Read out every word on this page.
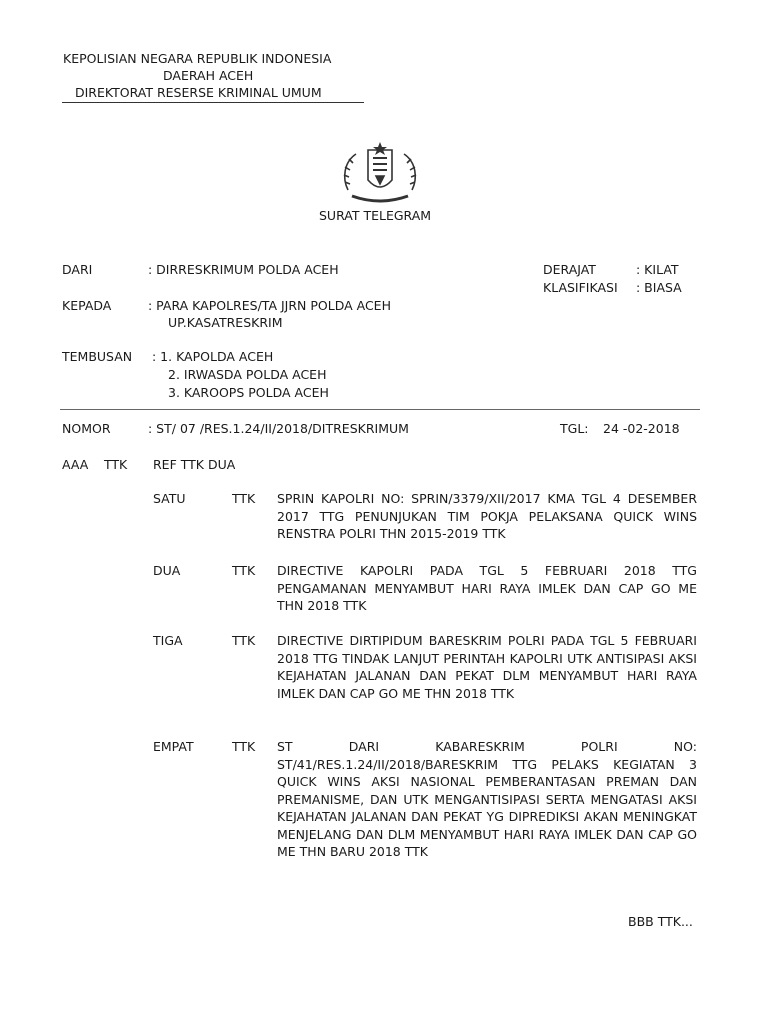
KEPOLISIAN NEGARA REPUBLIK INDONESIA
DAERAH ACEH
DIREKTORAT RESERSE KRIMINAL UMUM
SURAT TELEGRAM
DARI	: DIRRESKRIMUM POLDA ACEH	DERAJAT	: KILAT
KLASIFIKASI : BIASA
KEPADA	: PARA KAPOLRES/TA JJRN POLDA ACEH
UP.KASATRESKRIM
TEMBUSAN : 1. KAPOLDA ACEH
2. IRWASDA POLDA ACEH
3. KAROOPS POLDA ACEH
NOMOR	: ST/ 07 /RES.1.24/II/2018/DITRESKRIMUM	TGL: 24 -02-2018
AAA TTK REF TTK DUA
SATU	TTK SPRIN KAPOLRI NO: SPRIN/3379/XII/2017 KMA TGL 4 DESEMBER 2017 TTG PENUNJUKAN TIM POKJA PELAKSANA QUICK WINS RENSTRA POLRI THN 2015-2019 TTK
DUA	TTK DIRECTIVE KAPOLRI PADA TGL 5 FEBRUARI 2018 TTG PENGAMANAN MENYAMBUT HARI RAYA IMLEK DAN CAP GO ME THN 2018 TTK
TIGA	TTK DIRECTIVE DIRTIPIDUM BARESKRIM POLRI PADA TGL 5 FEBRUARI 2018 TTG TINDAK LANJUT PERINTAH KAPOLRI UTK ANTISIPASI AKSI KEJAHATAN JALANAN DAN PEKAT DLM MENYAMBUT HARI RAYA IMLEK DAN CAP GO ME THN 2018 TTK
EMPAT	TTK ST DARI KABARESKRIM POLRI NO: ST/41/RES.1.24/II/2018/BARESKRIM TTG PELAKS KEGIATAN 3 QUICK WINS AKSI NASIONAL PEMBERANTASAN PREMAN DAN PREMANISME, DAN UTK MENGANTISIPASI SERTA MENGATASI AKSI KEJAHATAN JALANAN DAN PEKAT YG DIPREDIKSI AKAN MENINGKAT MENJELANG DAN DLM MENYAMBUT HARI RAYA IMLEK DAN CAP GO ME THN BARU 2018 TTK
BBB TTK...
